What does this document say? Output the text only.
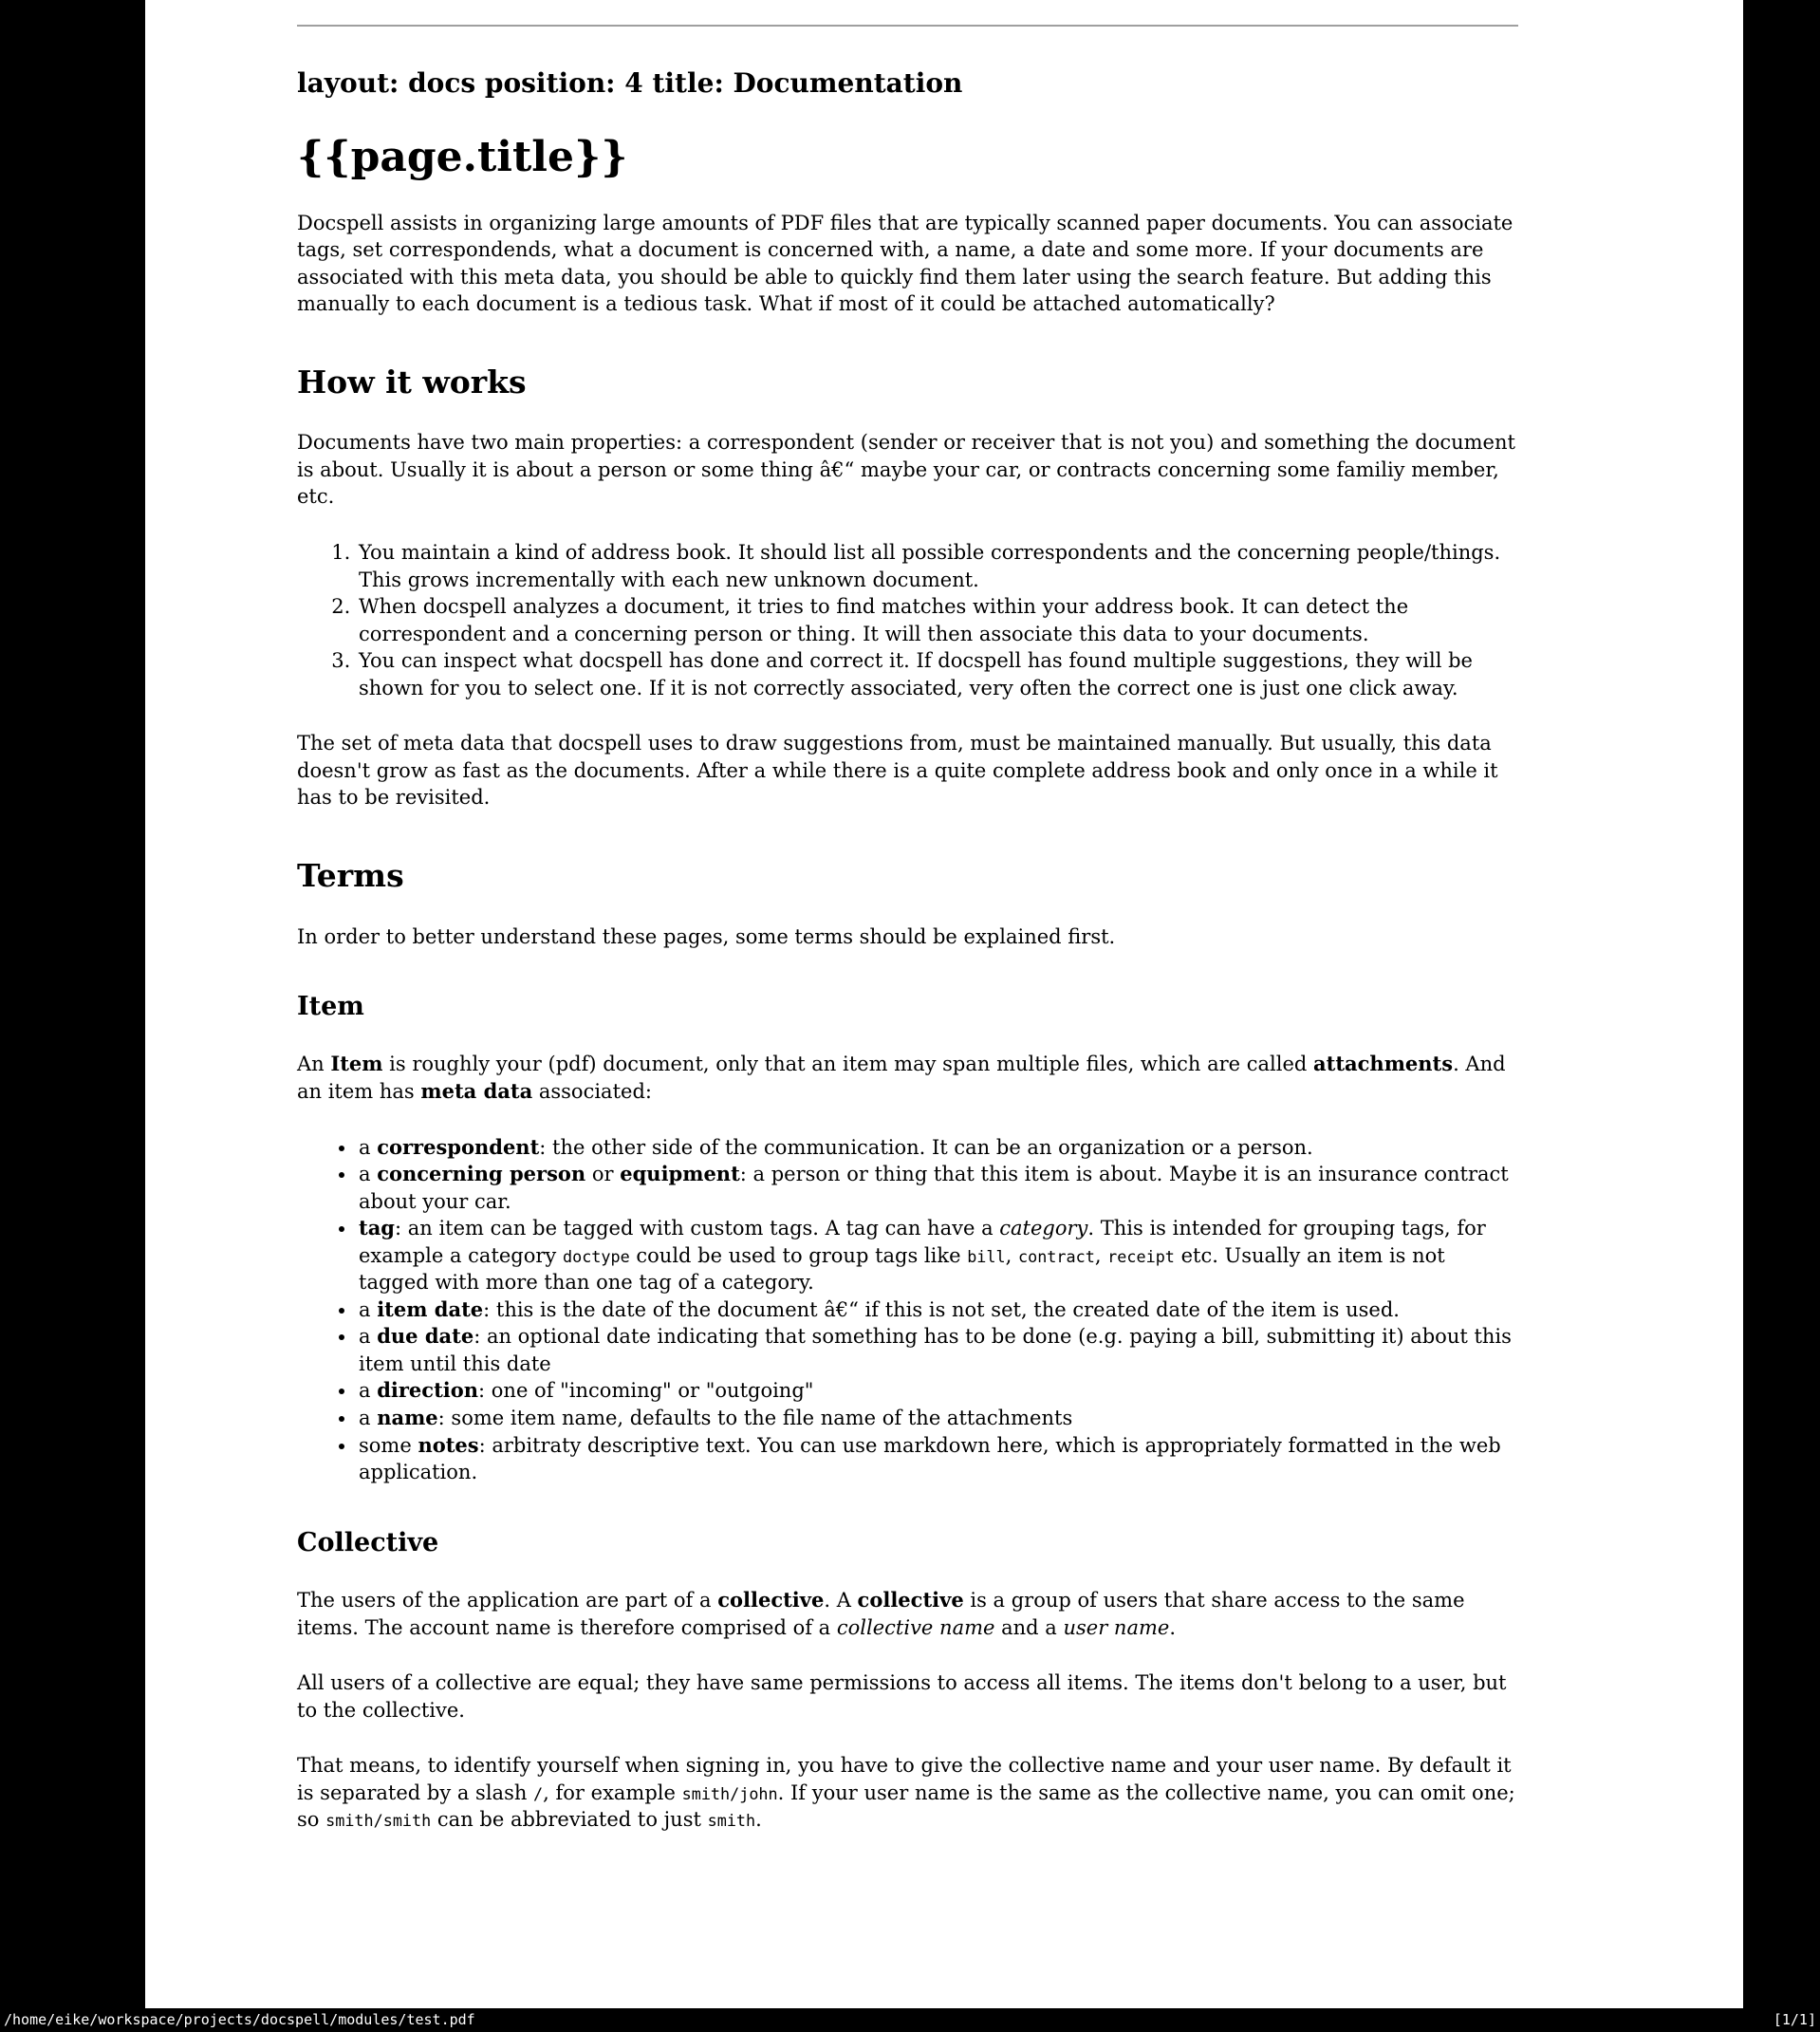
layout: docs position: 4 title: Documentation

{{page.title}}

Docspell assists in organizing large amounts of PDF files that are typically scanned paper documents. You can associate tags, set correspondends, what a document is concerned with, a name, a date and some more. If your documents are associated with this meta data, you should be able to quickly find them later using the search feature. But adding this manually to each document is a tedious task. What if most of it could be attached automatically?

How it works

Documents have two main properties: a correspondent (sender or receiver that is not you) and something the document is about. Usually it is about a person or some thing â€“ maybe your car, or contracts concerning some familiy member, etc.

1. You maintain a kind of address book. It should list all possible correspondents and the concerning people/things. This grows incrementally with each new unknown document.
2. When docspell analyzes a document, it tries to find matches within your address book. It can detect the correspondent and a concerning person or thing. It will then associate this data to your documents.
3. You can inspect what docspell has done and correct it. If docspell has found multiple suggestions, they will be shown for you to select one. If it is not correctly associated, very often the correct one is just one click away.

The set of meta data that docspell uses to draw suggestions from, must be maintained manually. But usually, this data doesn't grow as fast as the documents. After a while there is a quite complete address book and only once in a while it has to be revisited.

Terms

In order to better understand these pages, some terms should be explained first.

Item

An Item is roughly your (pdf) document, only that an item may span multiple files, which are called attachments. And an item has meta data associated:

• a correspondent: the other side of the communication. It can be an organization or a person.
• a concerning person or equipment: a person or thing that this item is about. Maybe it is an insurance contract about your car.
• tag: an item can be tagged with custom tags. A tag can have a category. This is intended for grouping tags, for example a category doctype could be used to group tags like bill, contract, receipt etc. Usually an item is not tagged with more than one tag of a category.
• a item date: this is the date of the document â€“ if this is not set, the created date of the item is used.
• a due date: an optional date indicating that something has to be done (e.g. paying a bill, submitting it) about this item until this date
• a direction: one of "incoming" or "outgoing"
• a name: some item name, defaults to the file name of the attachments
• some notes: arbitraty descriptive text. You can use markdown here, which is appropriately formatted in the web application.
Collective

The users of the application are part of a collective. A collective is a group of users that share access to the same items. The account name is therefore comprised of a collective name and a user name.

All users of a collective are equal; they have same permissions to access all items. The items don't belong to a user, but to the collective.

That means, to identify yourself when signing in, you have to give the collective name and your user name. By default it is separated by a slash /, for example smith/john. If your user name is the same as the collective name, you can omit one; so smith/smith can be abbreviated to just smith.

/home/eike/workspace/projects/docspell/modules/test.pdf	[1/1]
